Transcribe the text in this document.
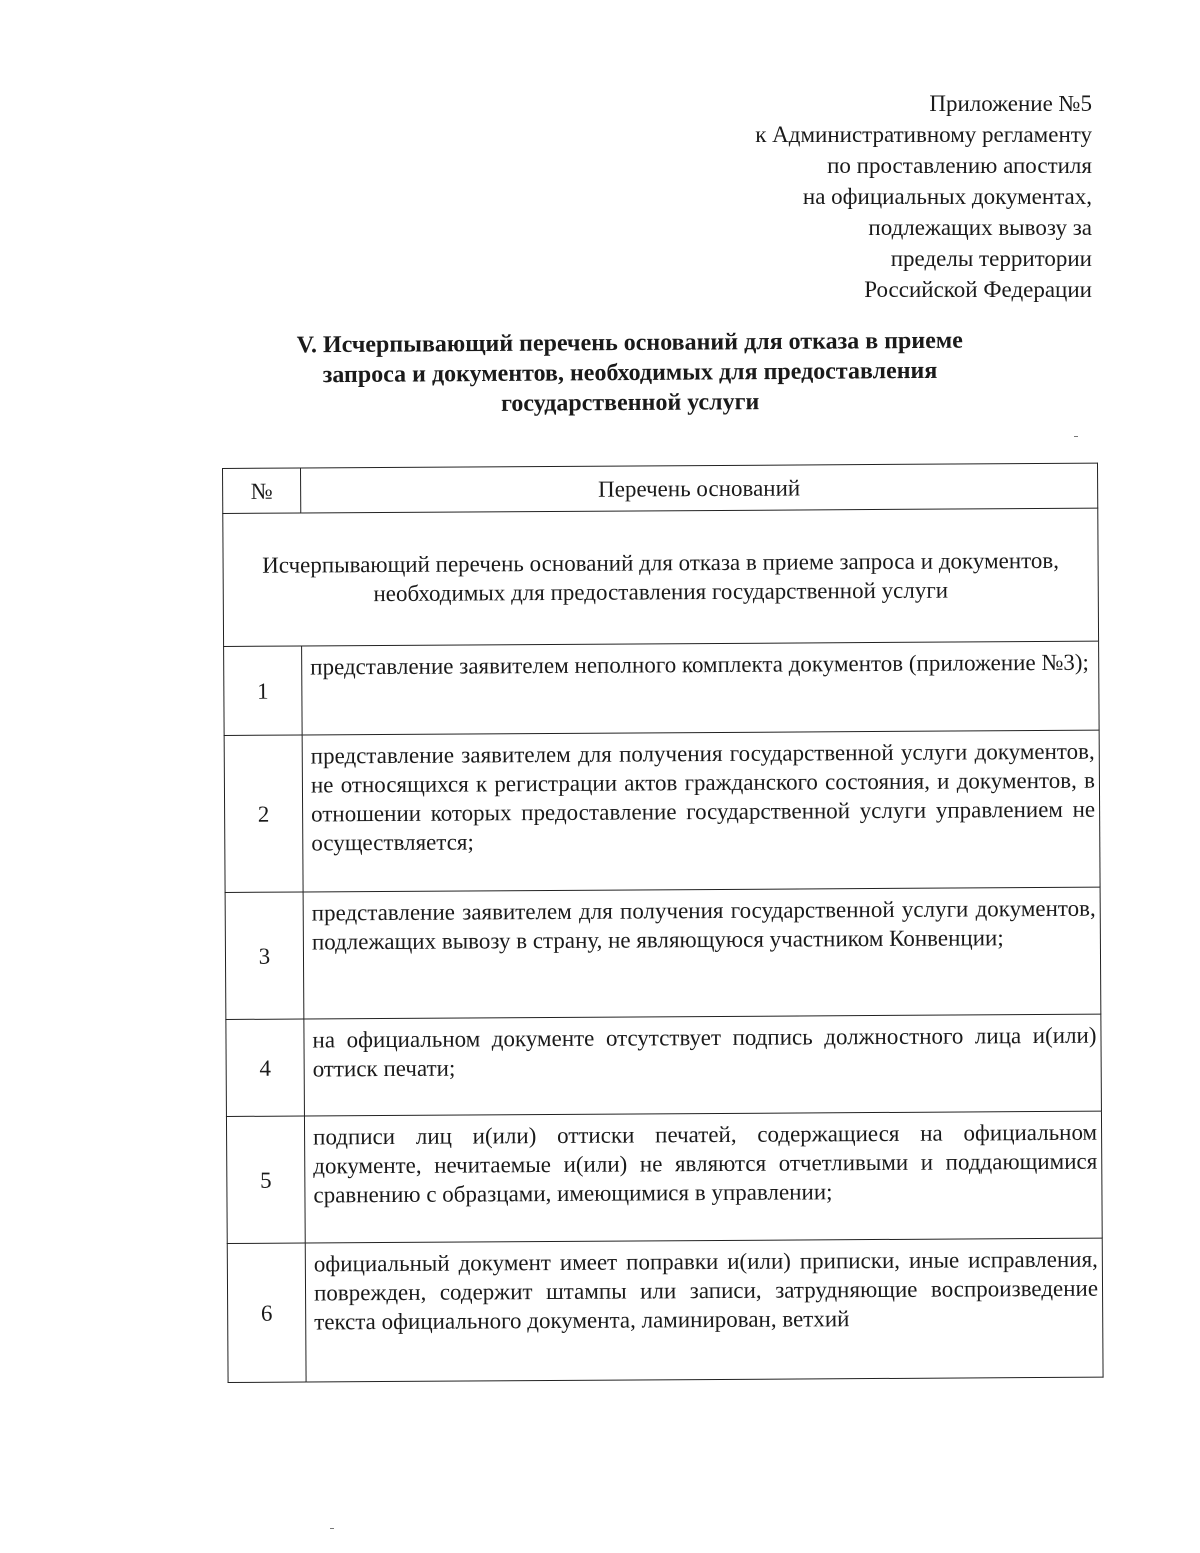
Приложение №5
к Административному регламенту
по проставлению апостиля
на официальных документах,
подлежащих вывозу за
пределы территории
Российской Федерации
V. Исчерпывающий перечень оснований для отказа в приеме
запроса и документов, необходимых для предоставления
государственной услуги
№	Перечень оснований
Исчерпывающий перечень оснований для отказа в приеме запроса и документов, необходимых для предоставления государственной услуги	
1	представление заявителем неполного комплекта документов (приложение №3);
2	представление заявителем для получения государственной услуги документов, не относящихся к регистрации актов гражданского состояния, и документов, в отношении которых предоставление государственной услуги управлением не осуществляется;
3	представление заявителем для получения государственной услуги документов, подлежащих вывозу в страну, не являющуюся участником Конвенции;
4	на официальном документе отсутствует подпись должностного лица и(или) оттиск печати;
5	подписи лиц и(или) оттиски печатей, содержащиеся на официальном документе, нечитаемые и(или) не являются отчетливыми и поддающимися сравнению с образцами, имеющимися в управлении;
6	официальный документ имеет поправки и(или) приписки, иные исправления, поврежден, содержит штампы или записи, затрудняющие воспроизведение текста официального документа, ламинирован, ветхий
